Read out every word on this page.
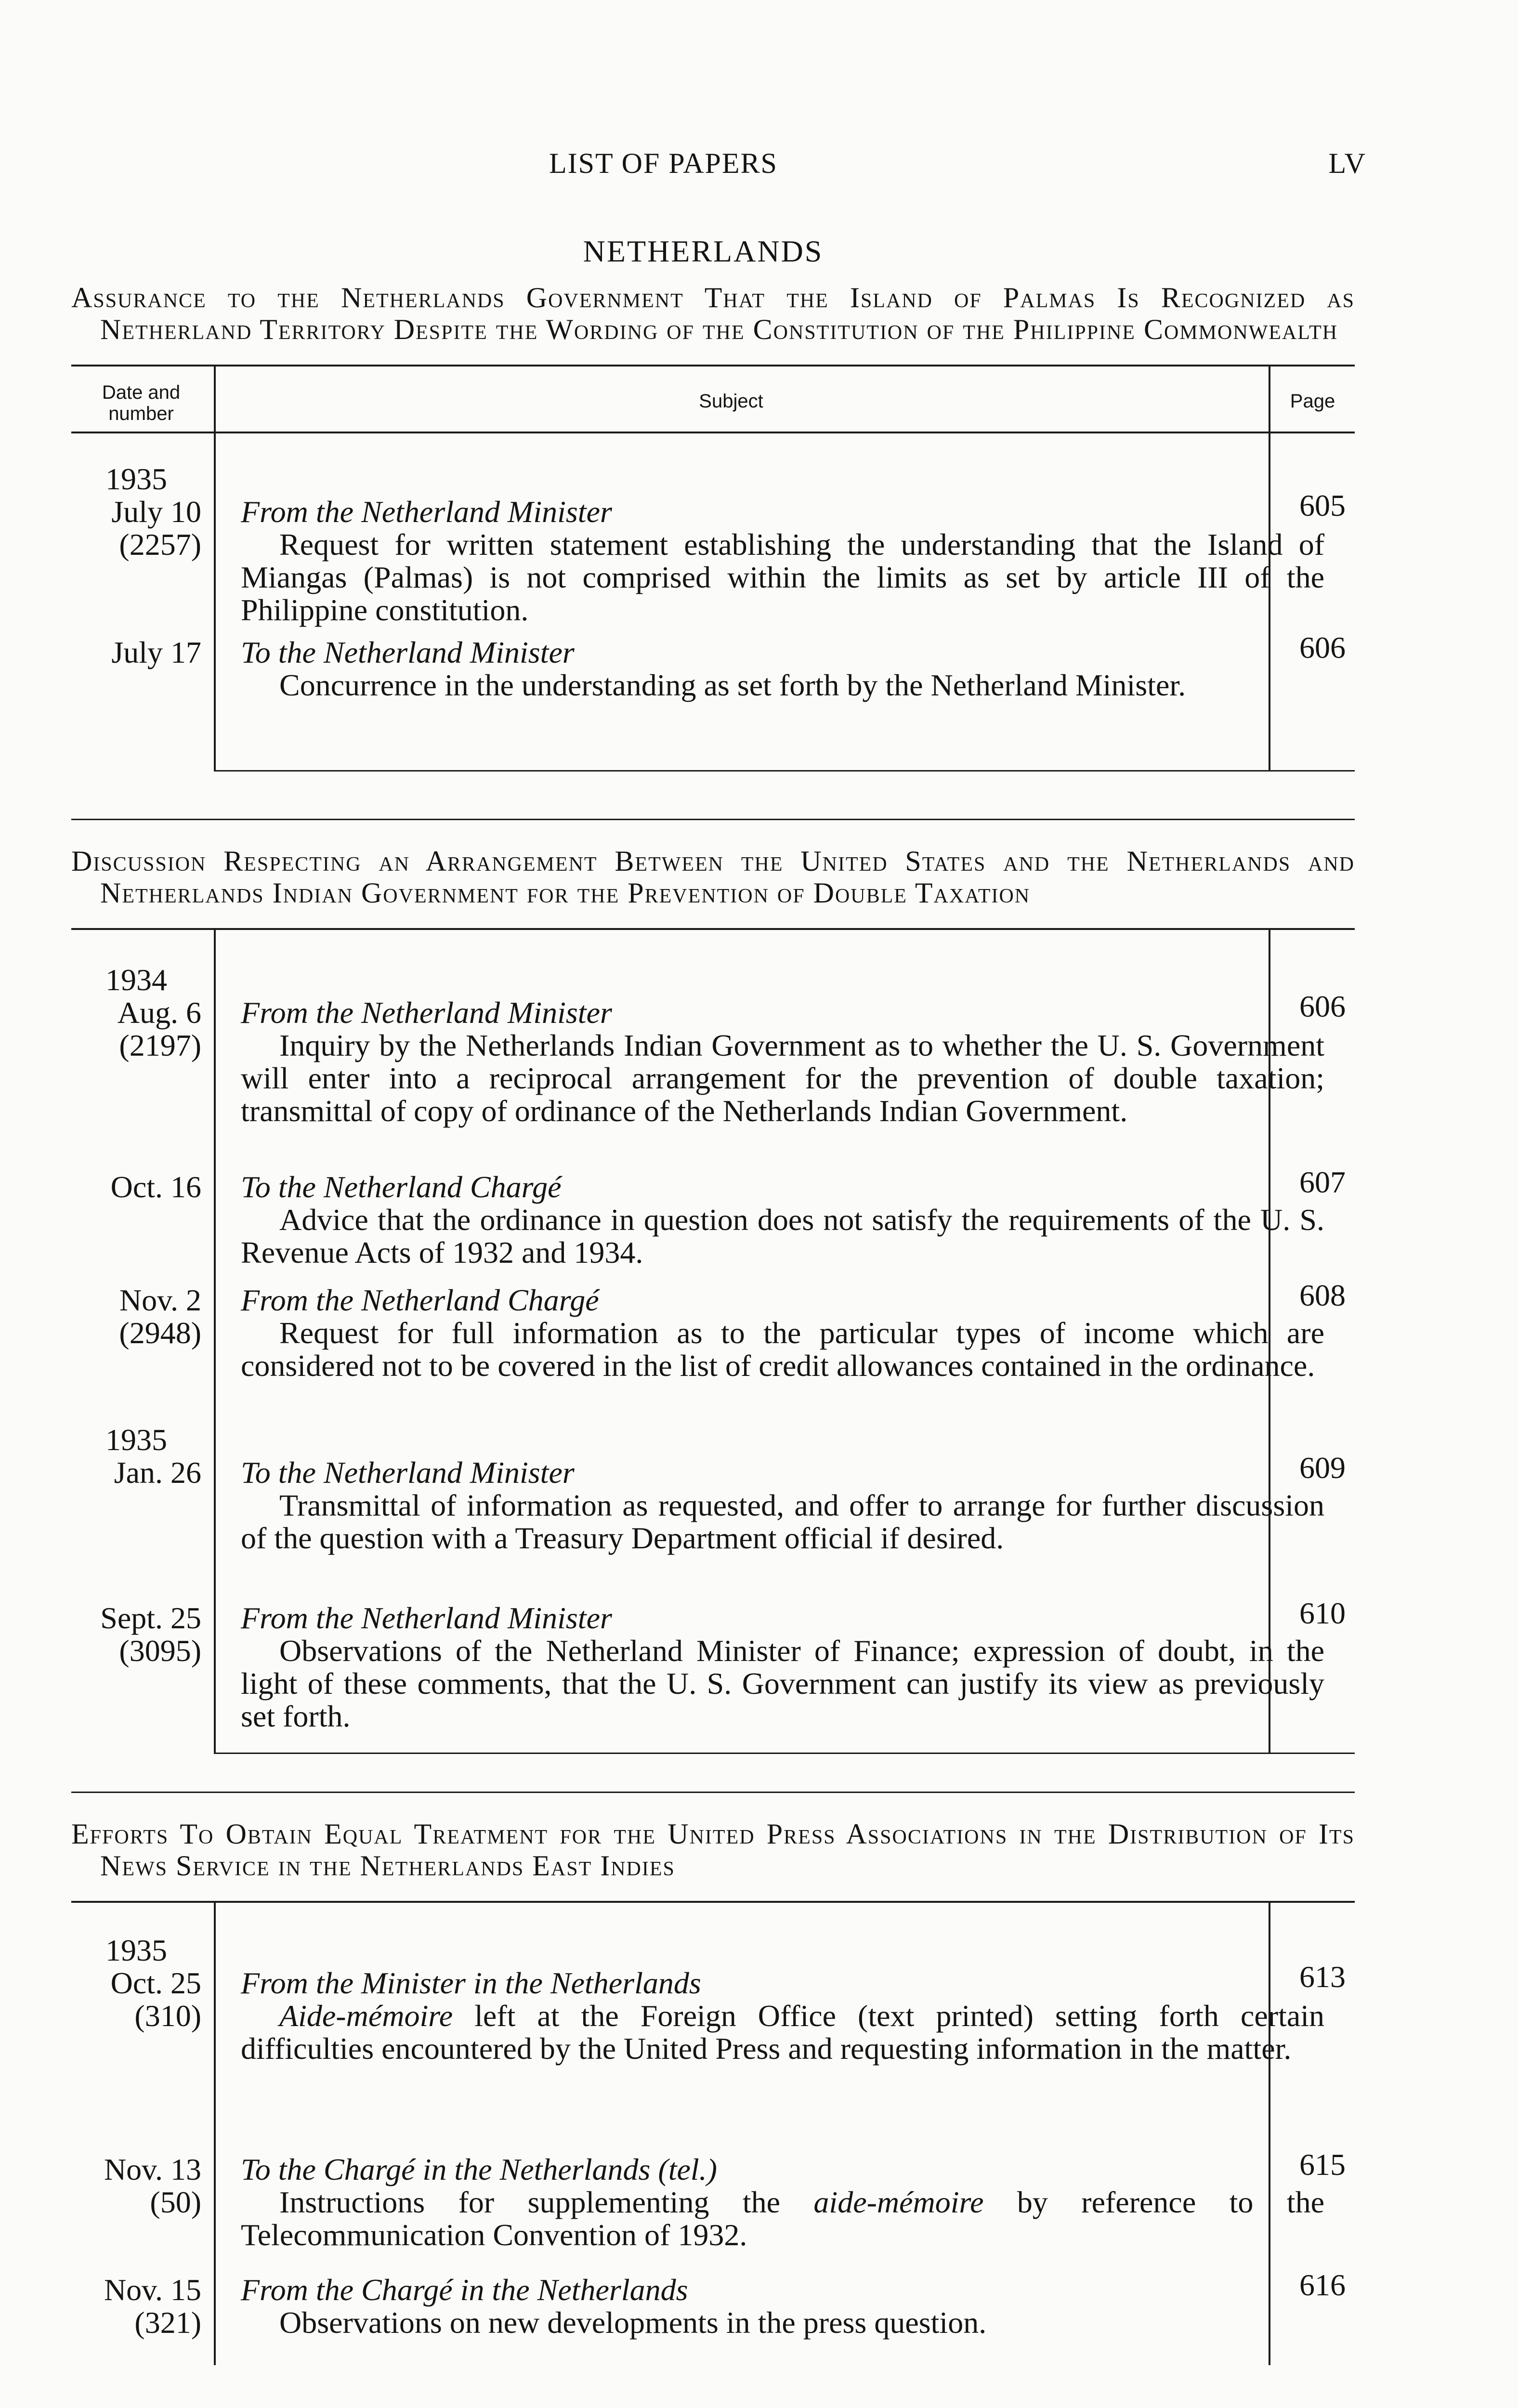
LIST OF PAPERS	LV
NETHERLANDS

Assurance to the Netherlands Government That the Island of Palmas Is Recognized as Netherland Territory Despite the Wording of the Constitution of the Philippine Commonwealth

Date and number
Subject	Page
1935
July 10
(2257)

From the Netherland Minister

Request for written statement establishing the understanding that the Island of Miangas (Palmas) is not comprised within the limits as set by article III of the Philippine constitution.

605
July 17 To the Netherland Minister

Concurrence in the understanding as set forth by the Netherland Minister.

606

Discussion Respecting an Arrangement Between the United States and the Netherlands and Netherlands Indian Government for the Prevention of Double Taxation

1934
Aug. 6
(2197)

From the Netherland Minister

Inquiry by the Netherlands Indian Government as to whether the U. S. Government will enter into a reciprocal arrangement for the prevention of double taxation; transmittal of copy of ordinance of the Netherlands Indian Government.

606
Oct. 16 To the Netherland Chargé

Advice that the ordinance in question does not satisfy the requirements of the U. S. Revenue Acts of 1932 and 1934.

607
Nov. 2
(2948)

From the Netherland Chargé

Request for full information as to the particular types of income which are considered not to be covered in the list of credit allowances contained in the ordinance.

608
1935
Jan. 26 To the Netherland Minister

Transmittal of information as requested, and offer to arrange for further discussion of the question with a Treasury Department official if desired.

609
Sept. 25
(3095)

From the Netherland Minister

Observations of the Netherland Minister of Finance; expression of doubt, in the light of these comments, that the U. S. Government can justify its view as previously set forth.

610

Efforts To Obtain Equal Treatment for the United Press Associations in the Distribution of Its News Service in the Netherlands East Indies

1935
Oct. 25
(310)

From the Minister in the Netherlands

Aide-mémoire left at the Foreign Office (text printed) setting forth certain difficulties encountered by the United Press and requesting information in the matter.

613
Nov. 13
(50)

To the Chargé in the Netherlands (tel.)

Instructions for supplementing the aide-mémoire by reference to the Telecommunication Convention of 1932.

615
Nov. 15
(321)

From the Chargé in the Netherlands

Observations on new developments in the press question.

616
